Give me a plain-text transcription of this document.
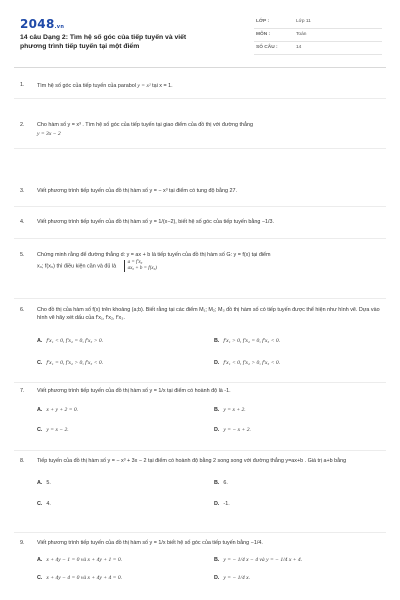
2048.vn
14 câu Dạng 2: Tìm hệ số góc của tiếp tuyến và viết phương trình tiếp tuyến tại một điểm
LỚP :	Lớp 11
MÔN :	Toán
SỐ CÂU :	14
1.	Tìm hệ số góc của tiếp tuyến của parabol y = x² tại x = 1.
2.	Cho hàm số y = x³ . Tìm hệ số góc của tiếp tuyến tại giao điểm của đồ thị với đường thẳng
y = 3x − 2
3.	Viết phương trình tiếp tuyến của đồ thị hàm số y = − x³ tại điểm có tung độ bằng 27.
4.	Viết phương trình tiếp tuyến của đồ thị hàm số y = 1/(x−2), biết hệ số góc của tiếp tuyến bằng −1/3.
5.	Chứng minh rằng để đường thẳng d: y = ax + b là tiếp tuyến của đồ thị hàm số G: y = f(x) tại điểm
x₀; f(x₀) thì điều kiện cần và đủ là
a = f′x₀
ax₀ + b = f(x₀)
6.	Cho đồ thị của hàm số f(x) trên khoảng (a;b). Biết rằng tại các điểm M₁; M₂; M₃ đồ thị hàm số có tiếp tuyến được thể hiện như hình vẽ. Dựa vào hình vẽ hãy xét dấu của f′x₁, f′x₂, f′x₃.
A. f′x₁ < 0, f′x₂ = 0, f′x₃ > 0.	B. f′x₁ > 0, f′x₂ = 0, f′x₃ < 0.
C. f′x₁ = 0, f′x₂ > 0, f′x₃ < 0.	D. f′x₁ < 0, f′x₂ > 0, f′x₃ < 0.
7.	Viết phương trình tiếp tuyến của đồ thị hàm số y = 1/x tại điểm có hoành độ là -1.
A. x + y + 2 = 0.	B. y = x + 2.
C. y = x − 2.	D. y = − x + 2.
8.	Tiếp tuyến của đồ thị hàm số y = − x³ + 3x − 2 tại điểm có hoành độ bằng 2 song song với đường thẳng y=ax+b . Giá trị a+b bằng
A. 5.	B. 6.
C. 4.	D. -1.
9.	Viết phương trình tiếp tuyến của đồ thị hàm số y = 1/x biết hệ số góc của tiếp tuyến bằng −1/4.
A. x + 4y − 1 = 0 và x + 4y + 1 = 0.	B. y = − 1/4 x − 4 và y = − 1/4 x + 4.
C. x + 4y − 4 = 0 và x + 4y + 4 = 0.	D. y = − 1/4 x.
